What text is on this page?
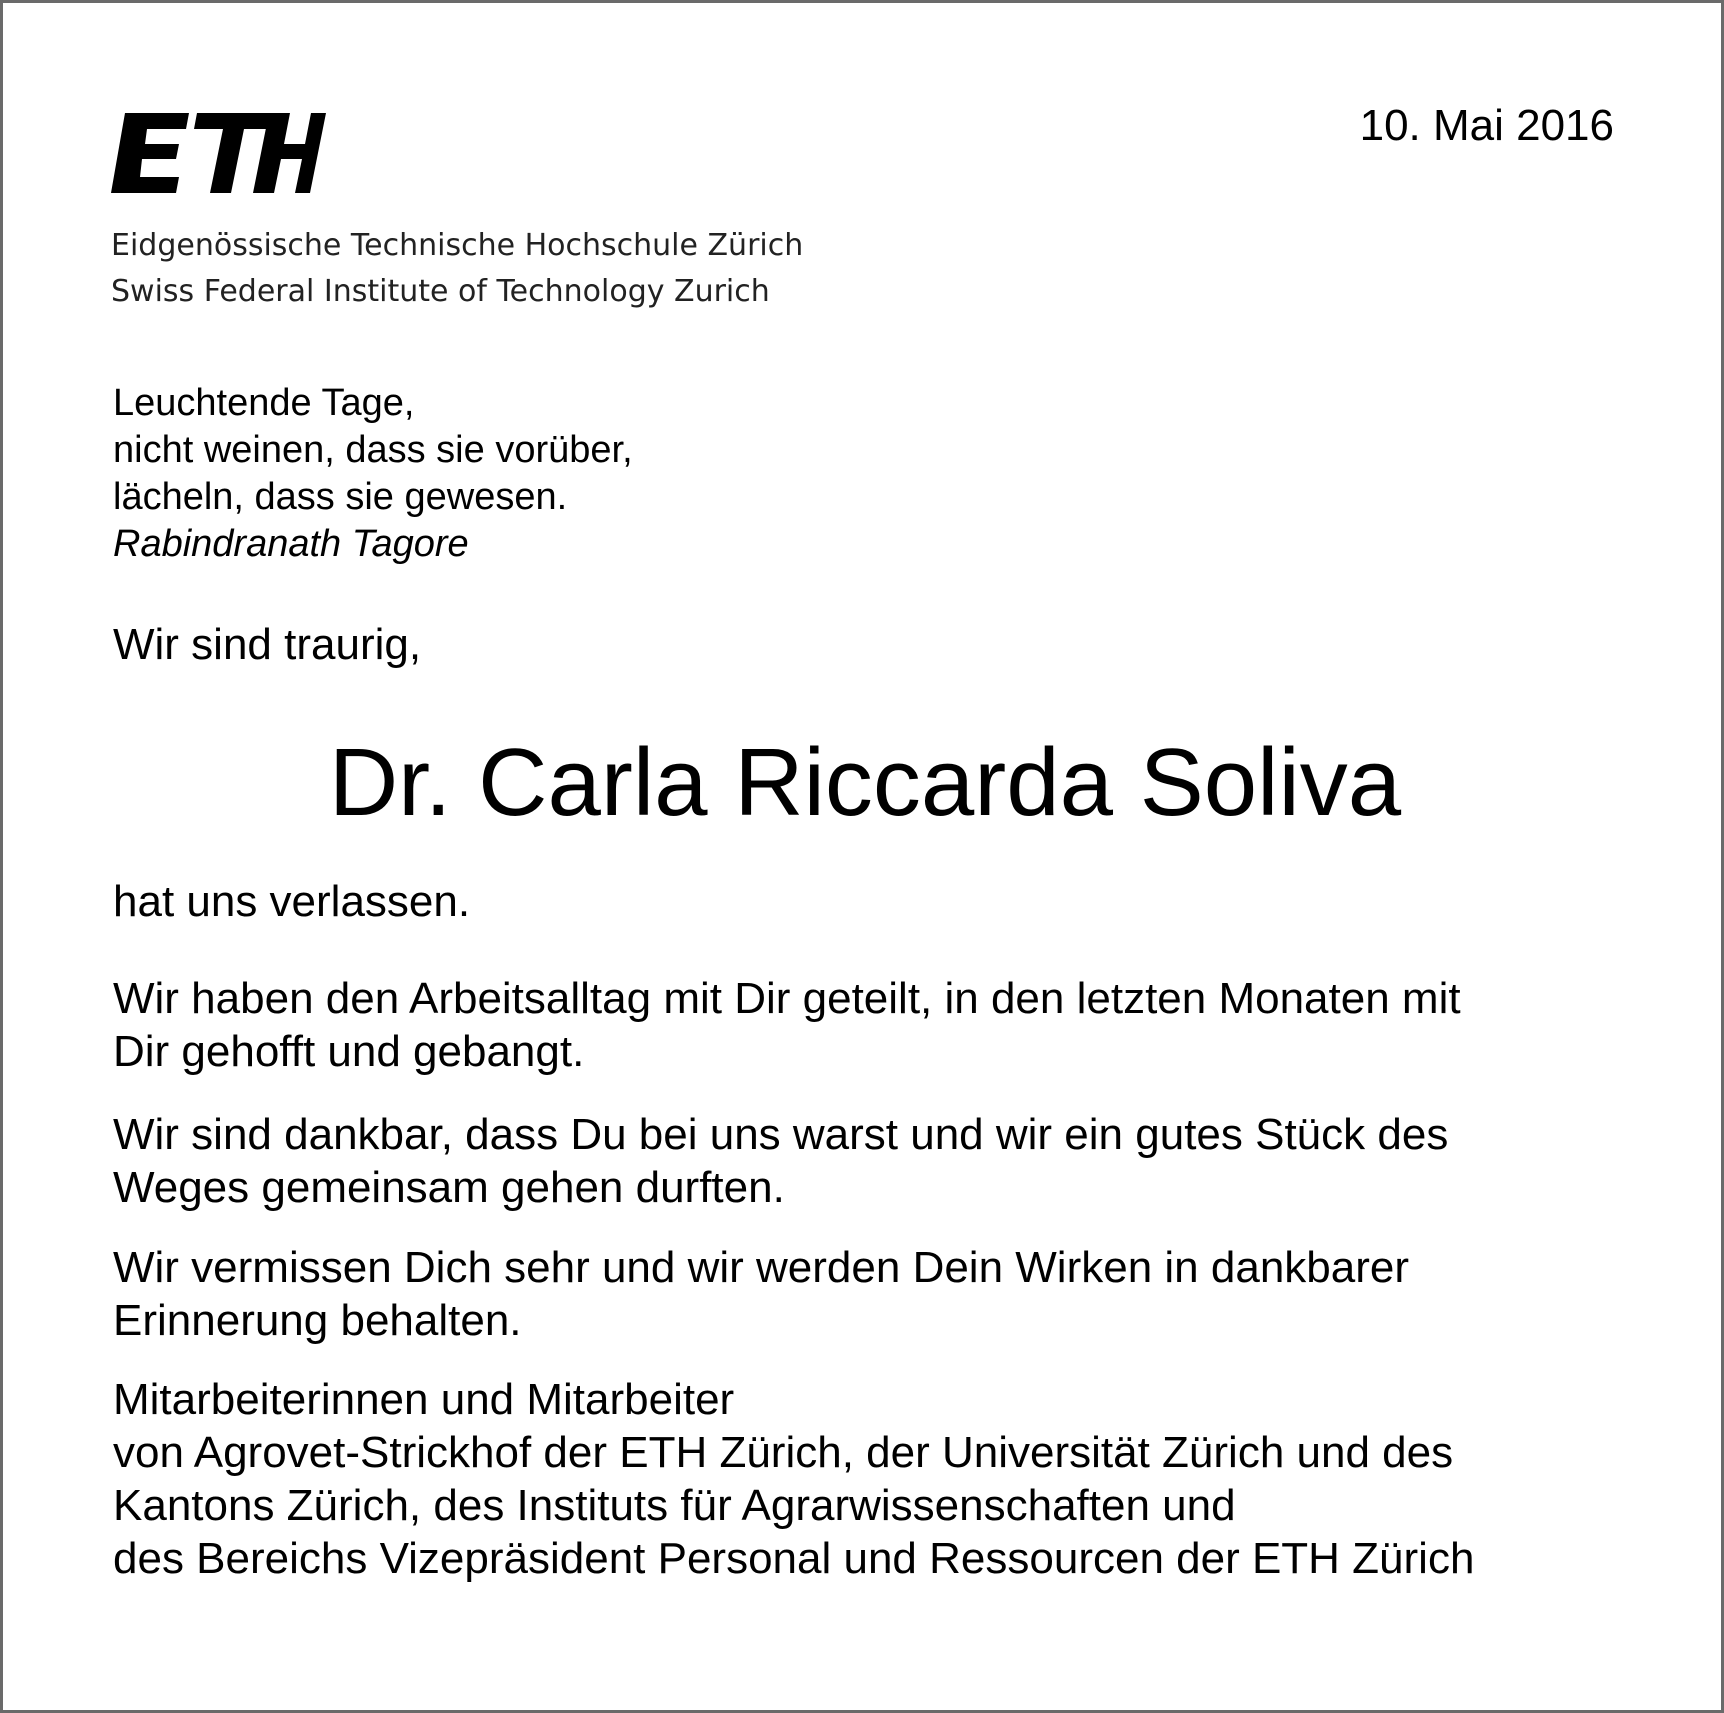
10. Mai 2016
Eidgenössische Technische Hochschule Zürich
Swiss Federal Institute of Technology Zurich
Leuchtende Tage,
nicht weinen, dass sie vorüber,
lächeln, dass sie gewesen.
Rabindranath Tagore
Wir sind traurig,
Dr. Carla Riccarda Soliva
hat uns verlassen.
Wir haben den Arbeitsalltag mit Dir geteilt, in den letzten Monaten mit
Dir gehofft und gebangt.
Wir sind dankbar, dass Du bei uns warst und wir ein gutes Stück des
Weges gemeinsam gehen durften.
Wir vermissen Dich sehr und wir werden Dein Wirken in dankbarer
Erinnerung behalten.
Mitarbeiterinnen und Mitarbeiter
von Agrovet-Strickhof der ETH Zürich, der Universität Zürich und des
Kantons Zürich, des Instituts für Agrarwissenschaften und
des Bereichs Vizepräsident Personal und Ressourcen der ETH Zürich
